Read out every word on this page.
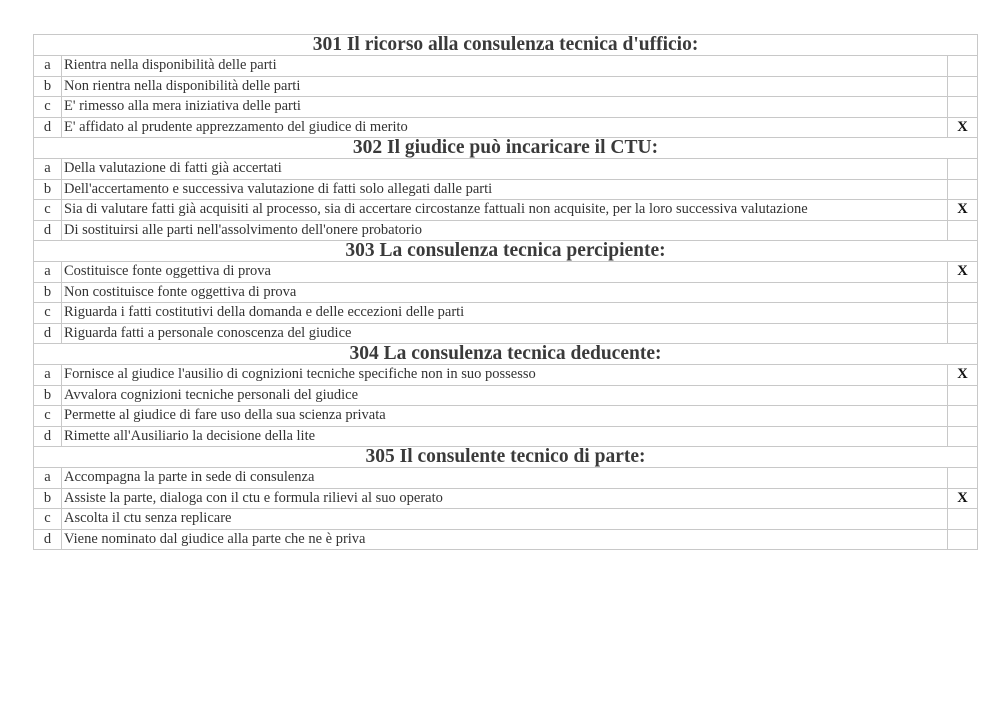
301 Il ricorso alla consulenza tecnica d'ufficio:		
a	Rientra nella disponibilità delle parti	
b	Non rientra nella disponibilità delle parti	
c	E' rimesso alla mera iniziativa delle parti	
d	E' affidato al prudente apprezzamento del giudice di merito	X
302 Il giudice può incaricare il CTU:		
a	Della valutazione di fatti già accertati	
b	Dell'accertamento e successiva valutazione di fatti solo allegati dalle parti	
c	Sia di valutare fatti già acquisiti al processo, sia di accertare circostanze fattuali non acquisite, per la loro successiva valutazione	X
d	Di sostituirsi alle parti nell'assolvimento dell'onere probatorio	
303 La consulenza tecnica percipiente:		
a	Costituisce fonte oggettiva di prova	X
b	Non costituisce fonte oggettiva di prova	
c	Riguarda i fatti costitutivi della domanda e delle eccezioni delle parti	
d	Riguarda fatti a personale conoscenza del giudice	
304 La consulenza tecnica deducente:		
a	Fornisce al giudice l'ausilio di cognizioni tecniche specifiche non in suo possesso	X
b	Avvalora cognizioni tecniche personali del giudice	
c	Permette al giudice di fare uso della sua scienza privata	
d	Rimette all'Ausiliario la decisione della lite	
305 Il consulente tecnico di parte:		
a	Accompagna la parte in sede di consulenza	
b	Assiste la parte, dialoga con il ctu e formula rilievi al suo operato	X
c	Ascolta il ctu senza replicare	
d	Viene nominato dal giudice alla parte che ne è priva	
